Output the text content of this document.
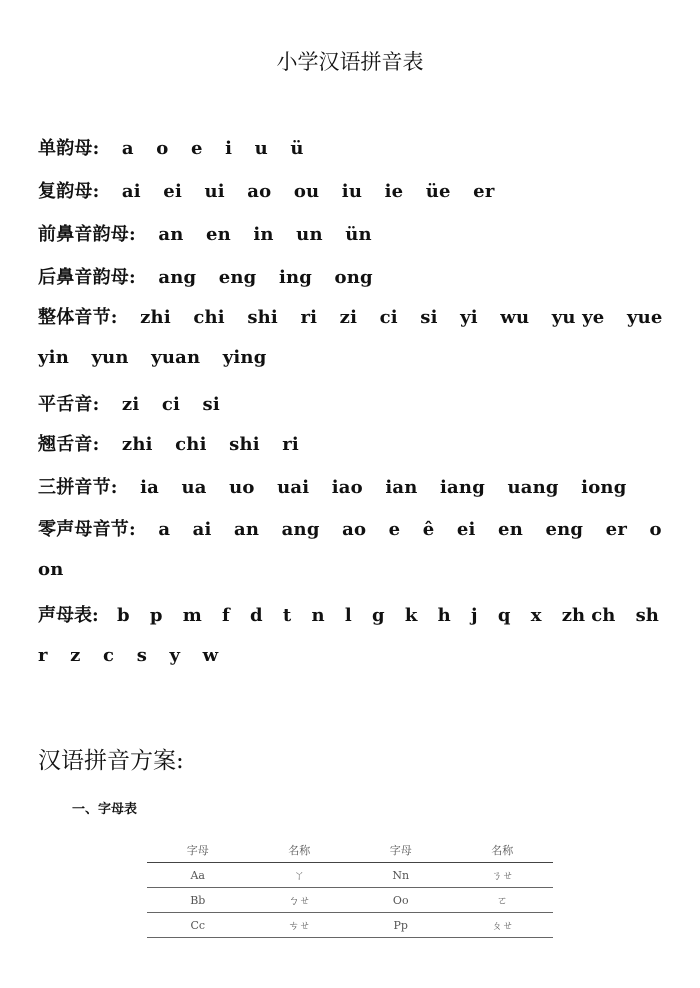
小学汉语拼音表
单韵母: a o e i u ü
复韵母: ai ei ui ao ou iu ie üe er
前鼻音韵母: an en in un ün
后鼻音韵母: ang eng ing ong
整体音节: zhi chi shi ri zi ci si yi wu yu ye yue
yin yun yuan ying
平舌音: zi ci si
翘舌音: zhi chi shi ri
三拼音节: ia ua uo uai iao ian iang uang iong
零声母音节: a ai an ang ao e ê ei en eng er o
on
声母表: b p m f d t n l g k h j q x zh ch sh
r z c s y w
汉语拼音方案:
一、字母表
字母	名称	字母	名称
Aa	ㄚ	Nn	ㄋㄝ
Bb	ㄅㄝ	Oo	ㄛ
Cc	ㄘㄝ	Pp	ㄆㄝ
